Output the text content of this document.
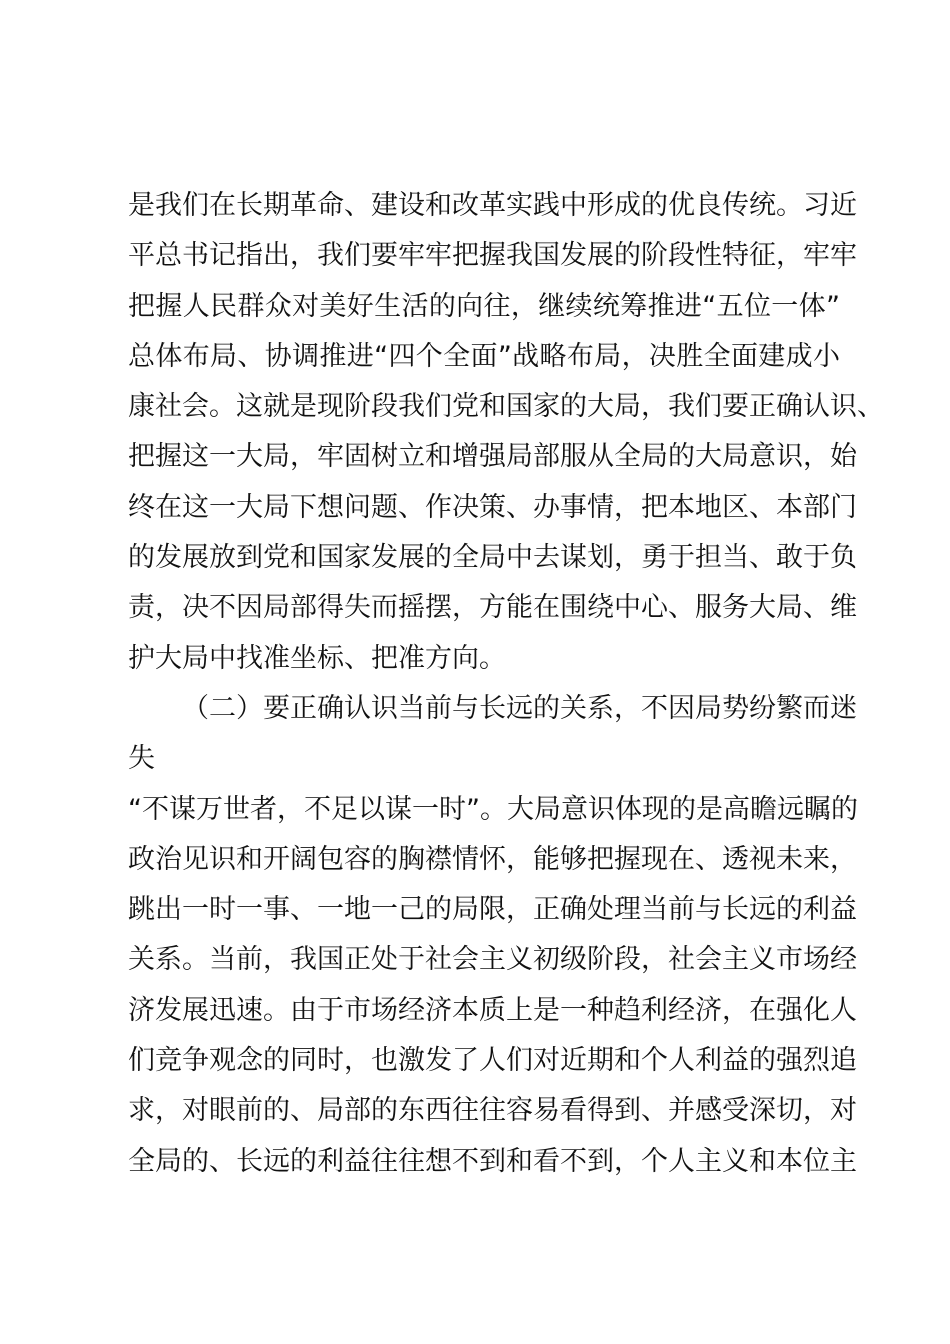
是我们在长期革命、建设和改革实践中形成的优良传统。习近
平总书记指出，我们要牢牢把握我国发展的阶段性特征，牢牢
把握人民群众对美好生活的向往，继续统筹推进“五位一体”
总体布局、协调推进“四个全面”战略布局，决胜全面建成小
康社会。这就是现阶段我们党和国家的大局，我们要正确认识、
把握这一大局，牢固树立和增强局部服从全局的大局意识，始
终在这一大局下想问题、作决策、办事情，把本地区、本部门
的发展放到党和国家发展的全局中去谋划，勇于担当、敢于负
责，决不因局部得失而摇摆，方能在围绕中心、服务大局、维
护大局中找准坐标、把准方向。
（二）要正确认识当前与长远的关系，不因局势纷繁而迷
失
“不谋万世者，不足以谋一时”。大局意识体现的是高瞻远瞩的
政治见识和开阔包容的胸襟情怀，能够把握现在、透视未来，
跳出一时一事、一地一己的局限，正确处理当前与长远的利益
关系。当前，我国正处于社会主义初级阶段，社会主义市场经
济发展迅速。由于市场经济本质上是一种趋利经济，在强化人
们竞争观念的同时，也激发了人们对近期和个人利益的强烈追
求，对眼前的、局部的东西往往容易看得到、并感受深切，对
全局的、长远的利益往往想不到和看不到，个人主义和本位主
